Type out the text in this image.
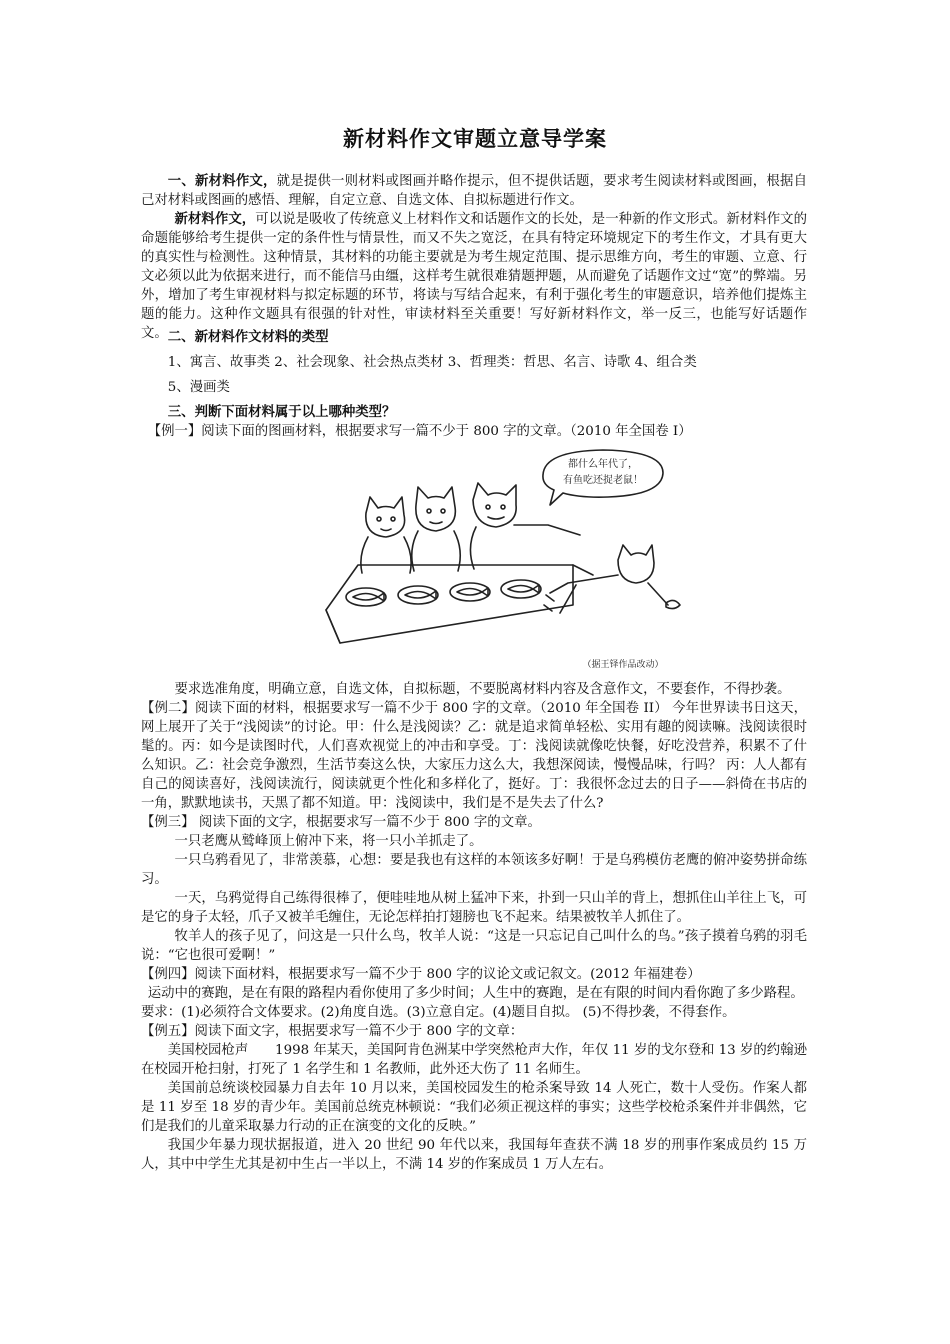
新材料作文审题立意导学案

一、新材料作文，就是提供一则材料或图画并略作提示，但不提供话题，要求考生阅读材料或图画，根据自己对材料或图画的感悟、理解，自定立意、自选文体、自拟标题进行作文。

新材料作文，可以说是吸收了传统意义上材料作文和话题作文的长处，是一种新的作文形式。新材料作文的命题能够给考生提供一定的条件性与情景性，而又不失之宽泛，在具有特定环境规定下的考生作文，才具有更大的真实性与检测性。这种情景，其材料的功能主要就是为考生规定范围、提示思维方向，考生的审题、立意、行文必须以此为依据来进行，而不能信马由缰，这样考生就很难猜题押题，从而避免了话题作文过“宽”的弊端。另外，增加了考生审视材料与拟定标题的环节，将读与写结合起来，有利于强化考生的审题意识，培养他们提炼主题的能力。这种作文题具有很强的针对性，审读材料至关重要！写好新材料作文，举一反三，也能写好话题作文。 二、新材料作文材料的类型

1、寓言、故事类 2、社会现象、社会热点类材 3、哲理类：哲思、名言、诗歌 4、组合类

5、漫画类

三、判断下面材料属于以上哪种类型？

【例一】阅读下面的图画材料，根据要求写一篇不少于 800 字的文章。（2010 年全国卷 I）

都什么年代了，
有鱼吃还捉老鼠！
（据王铎作品改动）

要求选准角度，明确立意，自选文体，自拟标题，不要脱离材料内容及含意作文，不要套作，不得抄袭。

【例二】阅读下面的材料，根据要求写一篇不少于 800 字的文章。（2010 年全国卷 II） 今年世界读书日这天，网上展开了关于“浅阅读”的讨论。甲：什么是浅阅读？乙：就是追求简单轻松、实用有趣的阅读嘛。浅阅读很时髦的。丙：如今是读图时代，人们喜欢视觉上的冲击和享受。丁：浅阅读就像吃快餐，好吃没营养，积累不了什么知识。乙：社会竞争激烈，生活节奏这么快，大家压力这么大，我想深阅读，慢慢品味，行吗？ 丙：人人都有自己的阅读喜好，浅阅读流行，阅读就更个性化和多样化了，挺好。丁：我很怀念过去的日子——斜倚在书店的一角，默默地读书，天黑了都不知道。甲：浅阅读中，我们是不是失去了什么?

【例三】 阅读下面的文字，根据要求写一篇不少于 800 字的文章。

一只老鹰从鹫峰顶上俯冲下来，将一只小羊抓走了。

一只乌鸦看见了，非常羡慕，心想：要是我也有这样的本领该多好啊！于是乌鸦模仿老鹰的俯冲姿势拼命练习。

一天，乌鸦觉得自己练得很棒了，便哇哇地从树上猛冲下来，扑到一只山羊的背上，想抓住山羊往上飞，可是它的身子太轻，爪子又被羊毛缠住，无论怎样拍打翅膀也飞不起来。结果被牧羊人抓住了。

牧羊人的孩子见了，问这是一只什么鸟，牧羊人说：“这是一只忘记自己叫什么的鸟。”孩子摸着乌鸦的羽毛说：“它也很可爱啊！”

【例四】阅读下面材料，根据要求写一篇不少于 800 字的议论文或记叙文。(2012 年福建卷）

运动中的赛跑，是在有限的路程内看你使用了多少时间；人生中的赛跑，是在有限的时间内看你跑了多少路程。

要求：(1)必须符合文体要求。(2)角度自选。(3)立意自定。(4)题目自拟。 (5)不得抄袭，不得套作。

【例五】阅读下面文字，根据要求写一篇不少于 800 字的文章：

美国校园枪声　　1998 年某天，美国阿肯色洲某中学突然枪声大作，年仅 11 岁的戈尔登和 13 岁的约翰逊在校园开枪扫射，打死了 1 名学生和 1 名教师，此外还大伤了 11 名师生。

美国前总统谈校园暴力自去年 10 月以来，美国校园发生的枪杀案导致 14 人死亡，数十人受伤。作案人都是 11 岁至 18 岁的青少年。美国前总统克林顿说：“我们必须正视这样的事实；这些学校枪杀案件并非偶然，它们是我们的儿童采取暴力行动的正在演变的文化的反映。”

我国少年暴力现状据报道，进入 20 世纪 90 年代以来，我国每年查获不满 18 岁的刑事作案成员约 15 万人，其中中学生尤其是初中生占一半以上，不满 14 岁的作案成员 1 万人左右。
